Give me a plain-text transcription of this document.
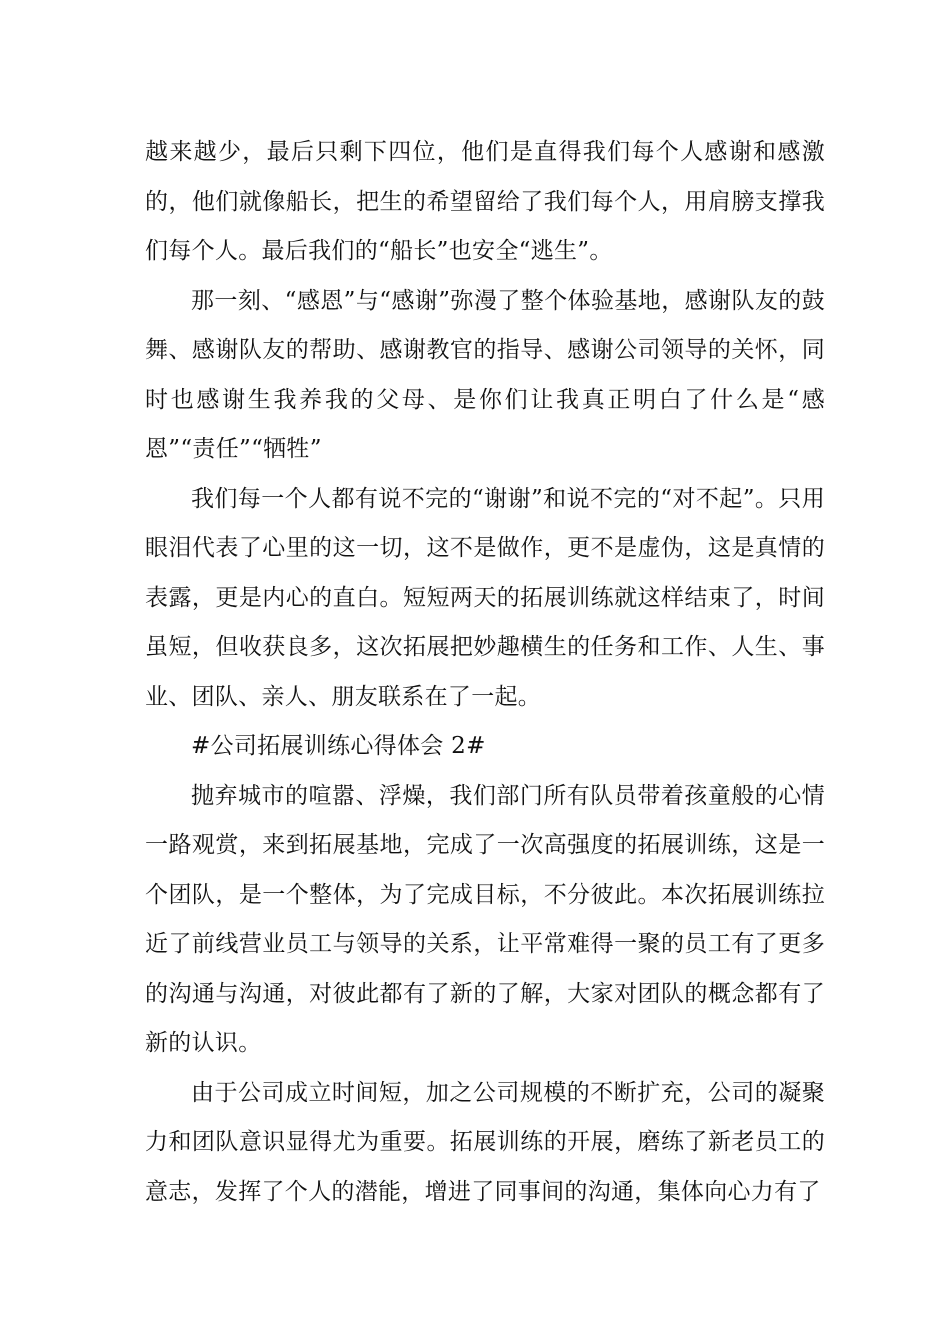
越来越少，最后只剩下四位，他们是直得我们每个人感谢和感激的，他们就像船长，把生的希望留给了我们每个人，用肩膀支撑我们每个人。最后我们的“船长”也安全“逃生”。

那一刻、“感恩”与“感谢”弥漫了整个体验基地，感谢队友的鼓舞、感谢队友的帮助、感谢教官的指导、感谢公司领导的关怀，同时也感谢生我养我的父母、是你们让我真正明白了什么是“感恩”“责任”“牺牲”

我们每一个人都有说不完的“谢谢”和说不完的“对不起”。只用眼泪代表了心里的这一切，这不是做作，更不是虚伪，这是真情的表露，更是内心的直白。短短两天的拓展训练就这样结束了，时间虽短，但收获良多，这次拓展把妙趣横生的任务和工作、人生、事业、团队、亲人、朋友联系在了一起。

#公司拓展训练心得体会 2#

抛弃城市的喧嚣、浮燥，我们部门所有队员带着孩童般的心情一路观赏，来到拓展基地，完成了一次高强度的拓展训练，这是一个团队，是一个整体，为了完成目标，不分彼此。本次拓展训练拉近了前线营业员工与领导的关系，让平常难得一聚的员工有了更多的沟通与沟通，对彼此都有了新的了解，大家对团队的概念都有了新的认识。

由于公司成立时间短，加之公司规模的不断扩充，公司的凝聚力和团队意识显得尤为重要。拓展训练的开展，磨练了新老员工的意志，发挥了个人的潜能，增进了同事间的沟通，集体向心力有了
